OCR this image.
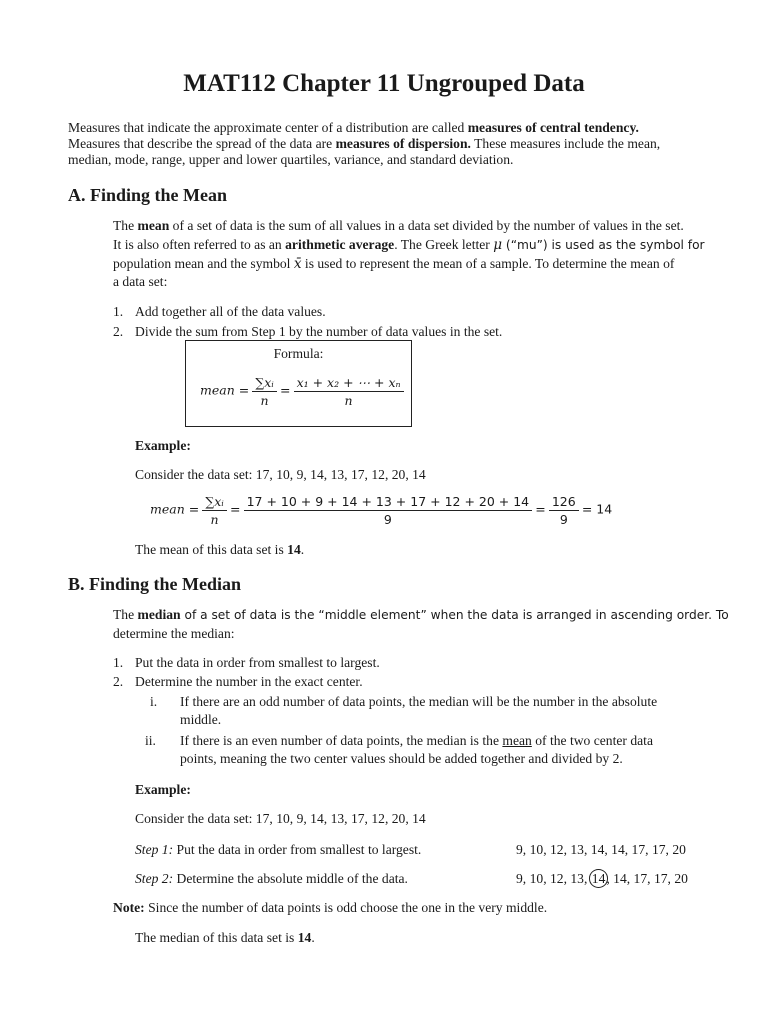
MAT112 Chapter 11 Ungrouped Data
Measures that indicate the approximate center of a distribution are called measures of central tendency.
Measures that describe the spread of the data are measures of dispersion. These measures include the mean,
median, mode, range, upper and lower quartiles, variance, and standard deviation.
A. Finding the Mean
The mean of a set of data is the sum of all values in a data set divided by the number of values in the set.
It is also often referred to as an arithmetic average. The Greek letter μ (“mu”) is used as the symbol for
population mean and the symbol x̄ is used to represent the mean of a sample. To determine the mean of
a data set:
1. Add together all of the data values.
2. Divide the sum from Step 1 by the number of data values in the set.
Formula:
mean = $\frac{\text{∑xᵢ}}{n} = \frac{\text{x₁ + x₂ + ⋯ + xₙ}}{n}$
Example:
Consider the data set: 17, 10, 9, 14, 13, 17, 12, 20, 14
mean = $\frac{\text{∑xᵢ}}{n} = \frac{17 + 10 + 9 + 14 + 13 + 17 + 12 + 20 + 14}{9} = \frac{126}{9} = 14$
The mean of this data set is 14.
B. Finding the Median
The median of a set of data is the “middle element” when the data is arranged in ascending order. To
determine the median:
1. Put the data in order from smallest to largest.
2. Determine the number in the exact center.
i. If there are an odd number of data points, the median will be the number in the absolute
middle.
ii. If there is an even number of data points, the median is the mean of the two center data
points, meaning the two center values should be added together and divided by 2.
Example:
Consider the data set: 17, 10, 9, 14, 13, 17, 12, 20, 14
Step 1: Put the data in order from smallest to largest.	9, 10, 12, 13, 14, 14, 17, 17, 20
Step 2: Determine the absolute middle of the data.	9, 10, 12, 13, 14, 14, 17, 17, 20
Note: Since the number of data points is odd choose the one in the very middle.
The median of this data set is 14.
